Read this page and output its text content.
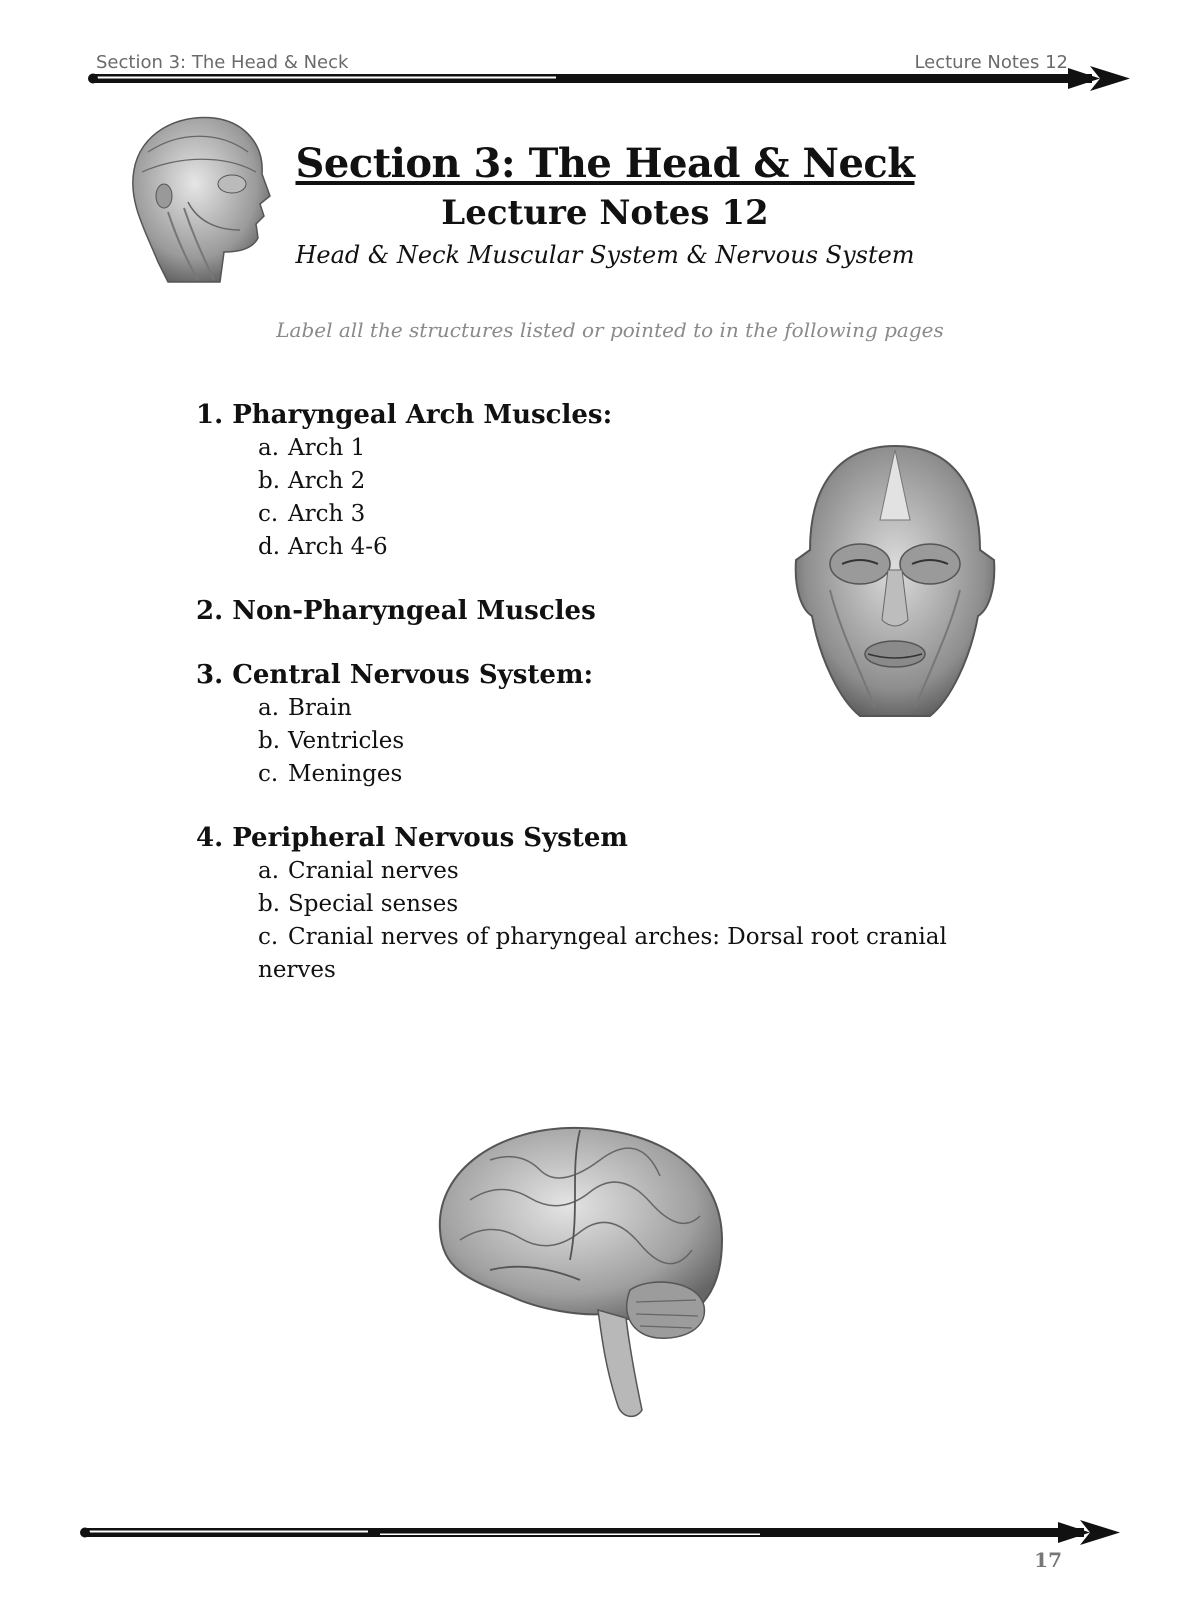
Section 3: The Head & Neck	Lecture Notes 12
Section 3: The Head & Neck
Lecture Notes 12
Head & Neck Muscular System & Nervous System
Label all the structures listed or pointed to in the following pages
1. Pharyngeal Arch Muscles:
a. Arch 1
b. Arch 2
c. Arch 3
d. Arch 4-6
2. Non-Pharyngeal Muscles
3. Central Nervous System:
a. Brain
b. Ventricles
c. Meninges
4. Peripheral Nervous System
a. Cranial nerves
b. Special senses
c. Cranial nerves of pharyngeal arches: Dorsal root cranial nerves
17
